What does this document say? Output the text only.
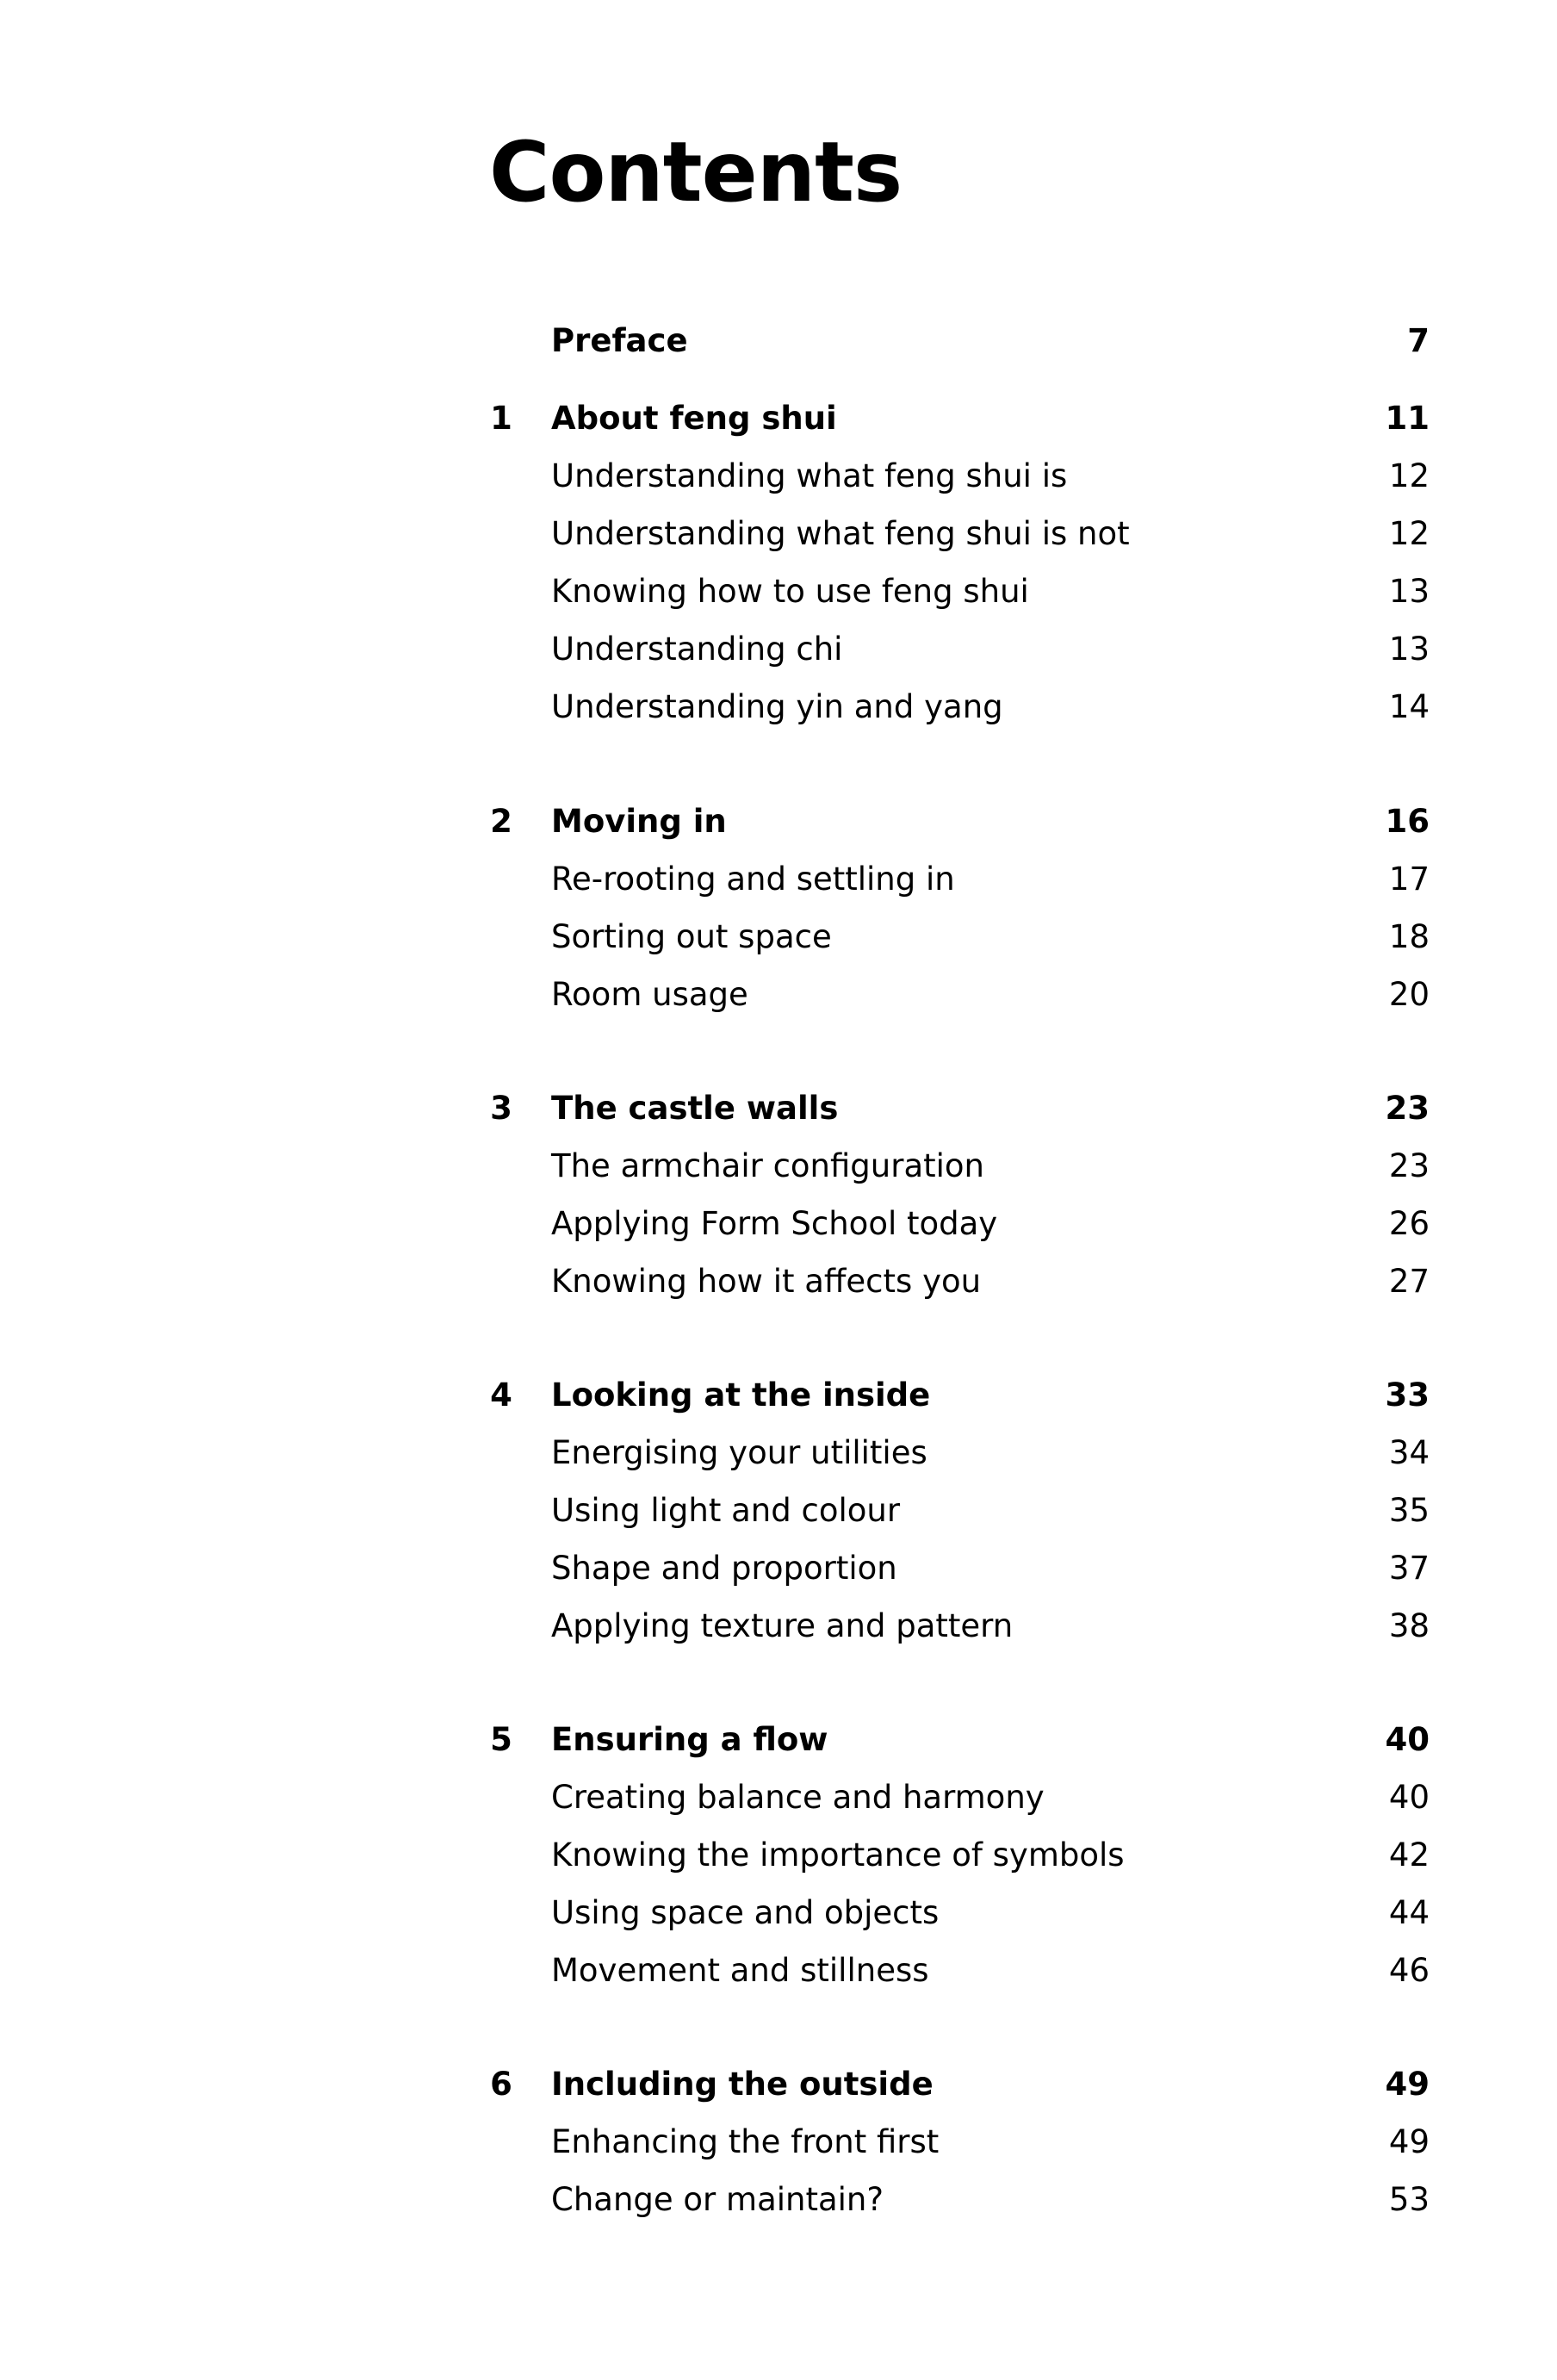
Contents
Preface	7
1 About feng shui	11
Understanding what feng shui is	12
Understanding what feng shui is not	12
Knowing how to use feng shui	13
Understanding chi	13
Understanding yin and yang	14
2 Moving in	16
Re-rooting and settling in	17
Sorting out space	18
Room usage	20
3 The castle walls	23
The armchair configuration	23
Applying Form School today	26
Knowing how it affects you	27
4 Looking at the inside	33
Energising your utilities	34
Using light and colour	35
Shape and proportion	37
Applying texture and pattern	38
5 Ensuring a flow	40
Creating balance and harmony	40
Knowing the importance of symbols	42
Using space and objects	44
Movement and stillness	46
6 Including the outside	49
Enhancing the front first	49
Change or maintain?	53
